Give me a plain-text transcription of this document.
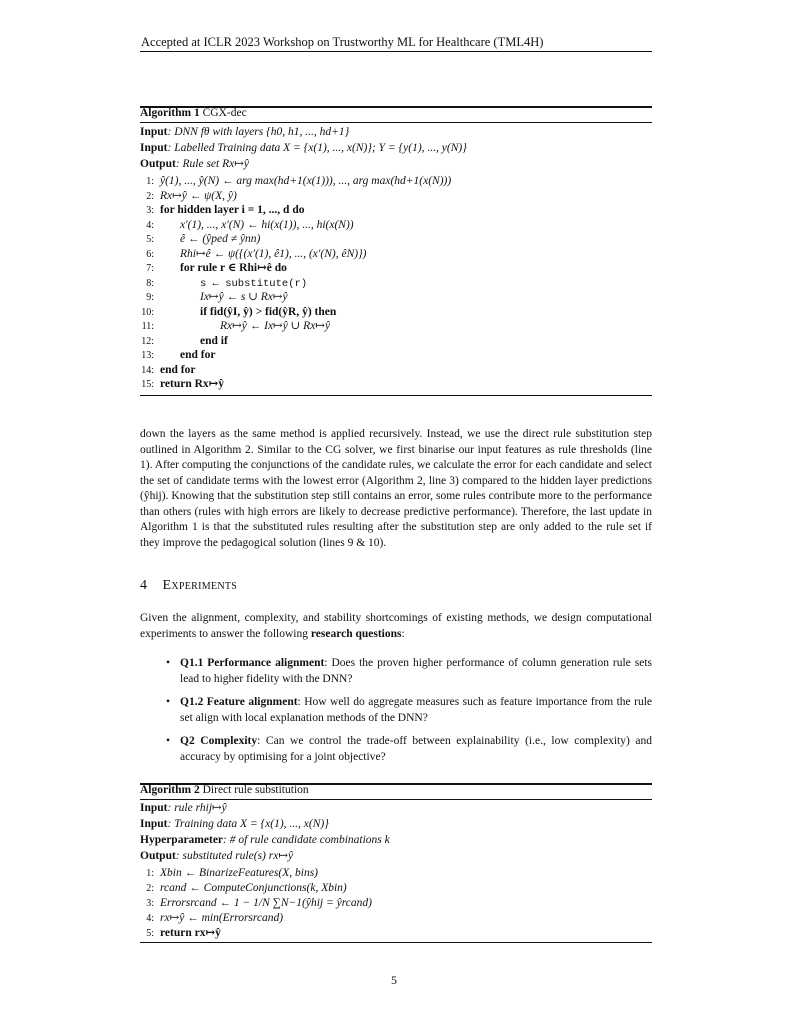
Accepted at ICLR 2023 Workshop on Trustworthy ML for Healthcare (TML4H)
Algorithm 1 CGX-dec
Input: DNN fθ with layers {h0, h1, ..., hd+1}
Input: Labelled Training data X = {x(1), ..., x(N)}; Y = {y(1), ..., y(N)}
Output: Rule set Rx↦ŷ
1: ŷ(1), ..., ŷ(N) ← arg max(hd+1(x(1))), ..., arg max(hd+1(x(N)))
2: Rx↦ŷ ← ψ(X, ŷ)
3: for hidden layer i = 1, ..., d do
4: x′(1), ..., x′(N) ← hi(x(1)), ..., hi(x(N))
5: ê ← (ŷped ≠ ŷnn)
6: Rhi↦ê ← ψ({(x′(1), ê1), ..., (x′(N), êN)})
7: for rule r ∈ Rhi↦ê do
8:	s ← substitute(r)
9:	Ix↦ŷ ← s ∪ Rx↦ŷ
10:	if fid(ŷI, ŷ) > fid(ŷR, ŷ) then
11:	Rx↦ŷ ← Ix↦ŷ ∪ Rx↦ŷ
12:	end if
13: end for
14: end for
15: return Rx↦ŷ
down the layers as the same method is applied recursively. Instead, we use the direct rule substitution step outlined in Algorithm 2. Similar to the CG solver, we first binarise our input features as rule thresholds (line 1). After computing the conjunctions of the candidate rules, we calculate the error for each candidate and select the set of candidate terms with the lowest error (Algorithm 2, line 3) compared to the hidden layer predictions (ŷhij). Knowing that the substitution step still contains an error, some rules contribute more to the performance than others (rules with high errors are likely to decrease predictive performance). Therefore, the last update in Algorithm 1 is that the substituted rules resulting after the substitution step are only added to the rule set if they improve the pedagogical solution (lines 9 & 10).
4 Experiments
Given the alignment, complexity, and stability shortcomings of existing methods, we design computational experiments to answer the following research questions:
• Q1.1 Performance alignment: Does the proven higher performance of column generation rule sets lead to higher fidelity with the DNN?
• Q1.2 Feature alignment: How well do aggregate measures such as feature importance from the rule set align with local explanation methods of the DNN?
• Q2 Complexity: Can we control the trade-off between explainability (i.e., low complexity) and accuracy by optimising for a joint objective?
Algorithm 2 Direct rule substitution
Input: rule rhij↦ŷ
Input: Training data X = {x(1), ..., x(N)}
Hyperparameter: # of rule candidate combinations k
Output: substituted rule(s) rx↦ŷ
1: Xbin ← BinarizeFeatures(X, bins)
2: rcand ← ComputeConjunctions(k, Xbin)
3: Errorsrcand ← 1 − 1/N ∑N−1(ŷhij = ŷrcand)
4: rx↦ŷ ← min(Errorsrcand)
5: return rx↦ŷ
5
